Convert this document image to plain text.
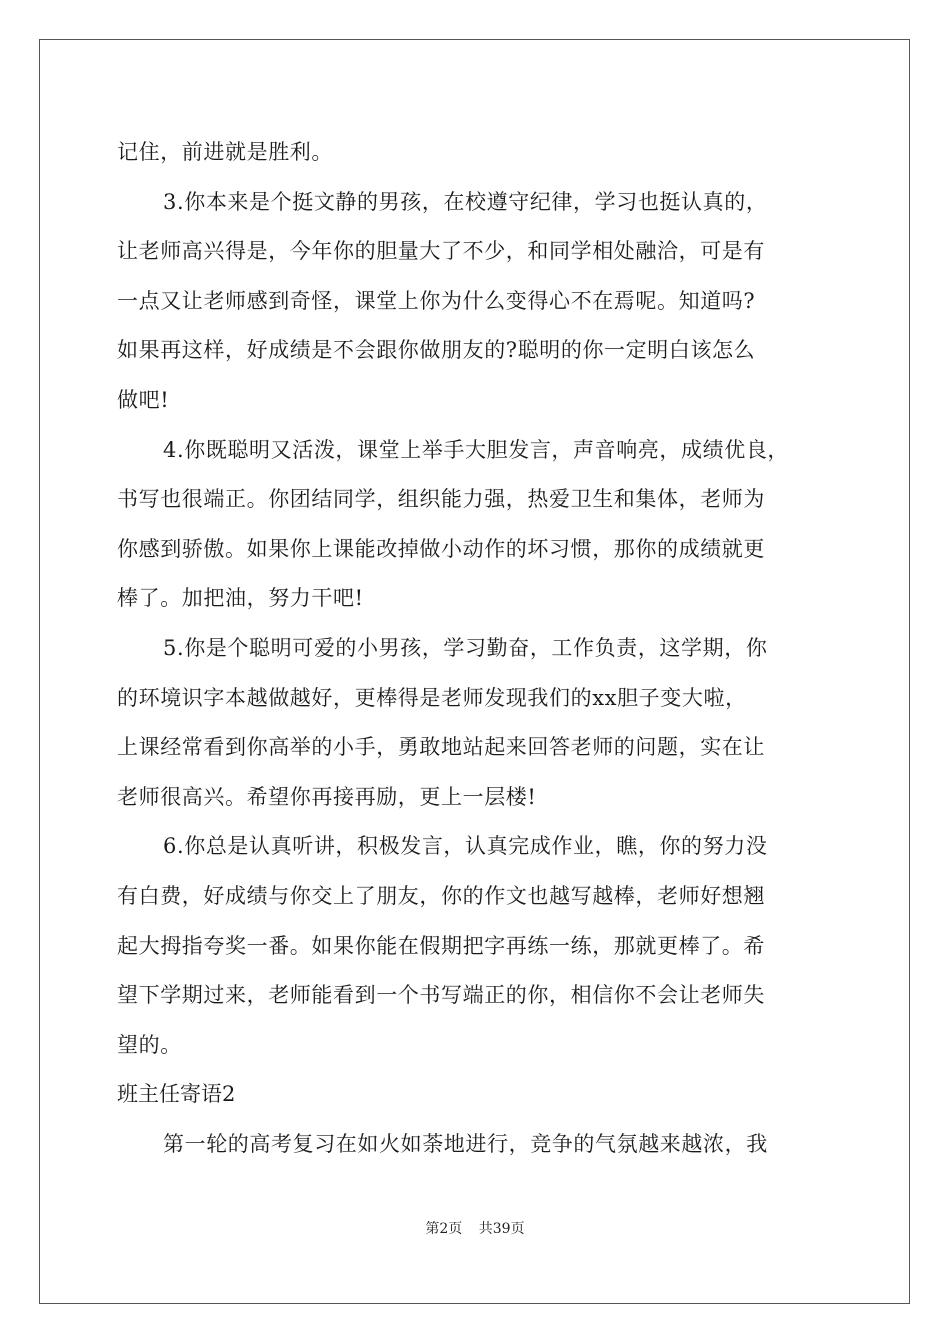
记住，前进就是胜利。
3.你本来是个挺文静的男孩，在校遵守纪律，学习也挺认真的，
让老师高兴得是，今年你的胆量大了不少，和同学相处融洽，可是有
一点又让老师感到奇怪，课堂上你为什么变得心不在焉呢。知道吗?
如果再这样，好成绩是不会跟你做朋友的?聪明的你一定明白该怎么
做吧!
4.你既聪明又活泼，课堂上举手大胆发言，声音响亮，成绩优良，
书写也很端正。你团结同学，组织能力强，热爱卫生和集体，老师为
你感到骄傲。如果你上课能改掉做小动作的坏习惯，那你的成绩就更
棒了。加把油，努力干吧!
5.你是个聪明可爱的小男孩，学习勤奋，工作负责，这学期，你
的环境识字本越做越好，更棒得是老师发现我们的xx胆子变大啦，
上课经常看到你高举的小手，勇敢地站起来回答老师的问题，实在让
老师很高兴。希望你再接再励，更上一层楼!
6.你总是认真听讲，积极发言，认真完成作业，瞧，你的努力没
有白费，好成绩与你交上了朋友，你的作文也越写越棒，老师好想翘
起大拇指夸奖一番。如果你能在假期把字再练一练，那就更棒了。希
望下学期过来，老师能看到一个书写端正的你，相信你不会让老师失
望的。
班主任寄语2
第一轮的高考复习在如火如荼地进行，竞争的气氛越来越浓，我
第2页 共39页
